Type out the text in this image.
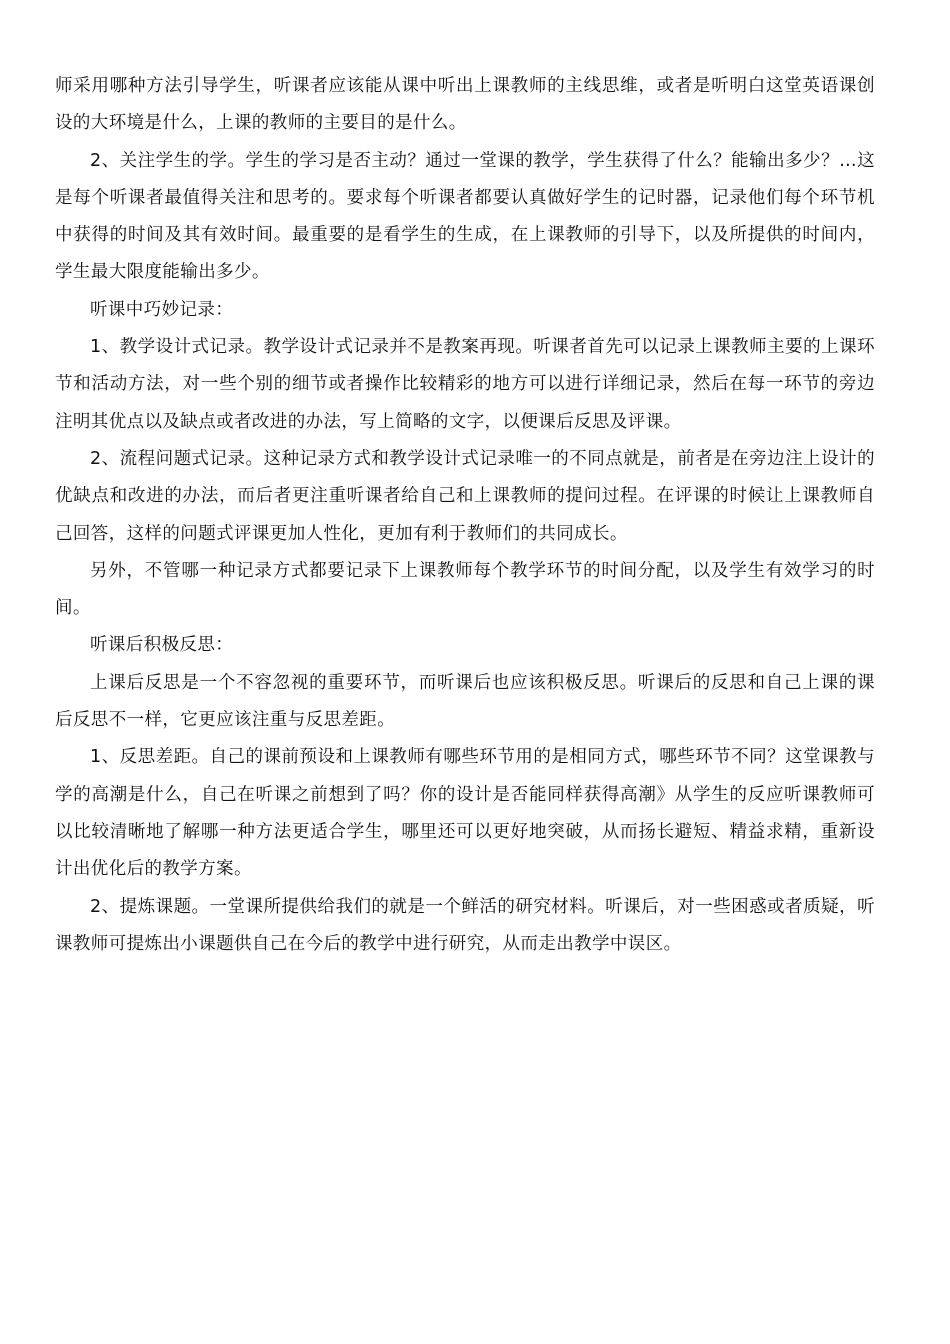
师采用哪种方法引导学生，听课者应该能从课中听出上课教师的主线思维，或者是听明白这堂英语课创设的大环境是什么，上课的教师的主要目的是什么。

2、关注学生的学。学生的学习是否主动？通过一堂课的教学，学生获得了什么？能输出多少？…这是每个听课者最值得关注和思考的。要求每个听课者都要认真做好学生的记时器，记录他们每个环节机中获得的时间及其有效时间。最重要的是看学生的生成，在上课教师的引导下，以及所提供的时间内，学生最大限度能输出多少。

听课中巧妙记录：

1、教学设计式记录。教学设计式记录并不是教案再现。听课者首先可以记录上课教师主要的上课环节和活动方法，对一些个别的细节或者操作比较精彩的地方可以进行详细记录，然后在每一环节的旁边注明其优点以及缺点或者改进的办法，写上简略的文字，以便课后反思及评课。

2、流程问题式记录。这种记录方式和教学设计式记录唯一的不同点就是，前者是在旁边注上设计的优缺点和改进的办法，而后者更注重听课者给自己和上课教师的提问过程。在评课的时候让上课教师自己回答，这样的问题式评课更加人性化，更加有利于教师们的共同成长。

另外，不管哪一种记录方式都要记录下上课教师每个教学环节的时间分配，以及学生有效学习的时间。

听课后积极反思：

上课后反思是一个不容忽视的重要环节，而听课后也应该积极反思。听课后的反思和自己上课的课后反思不一样，它更应该注重与反思差距。

1、反思差距。自己的课前预设和上课教师有哪些环节用的是相同方式，哪些环节不同？这堂课教与学的高潮是什么，自己在听课之前想到了吗？你的设计是否能同样获得高潮》从学生的反应听课教师可以比较清晰地了解哪一种方法更适合学生，哪里还可以更好地突破，从而扬长避短、精益求精，重新设计出优化后的教学方案。

2、提炼课题。一堂课所提供给我们的就是一个鲜活的研究材料。听课后，对一些困惑或者质疑，听课教师可提炼出小课题供自己在今后的教学中进行研究，从而走出教学中误区。
